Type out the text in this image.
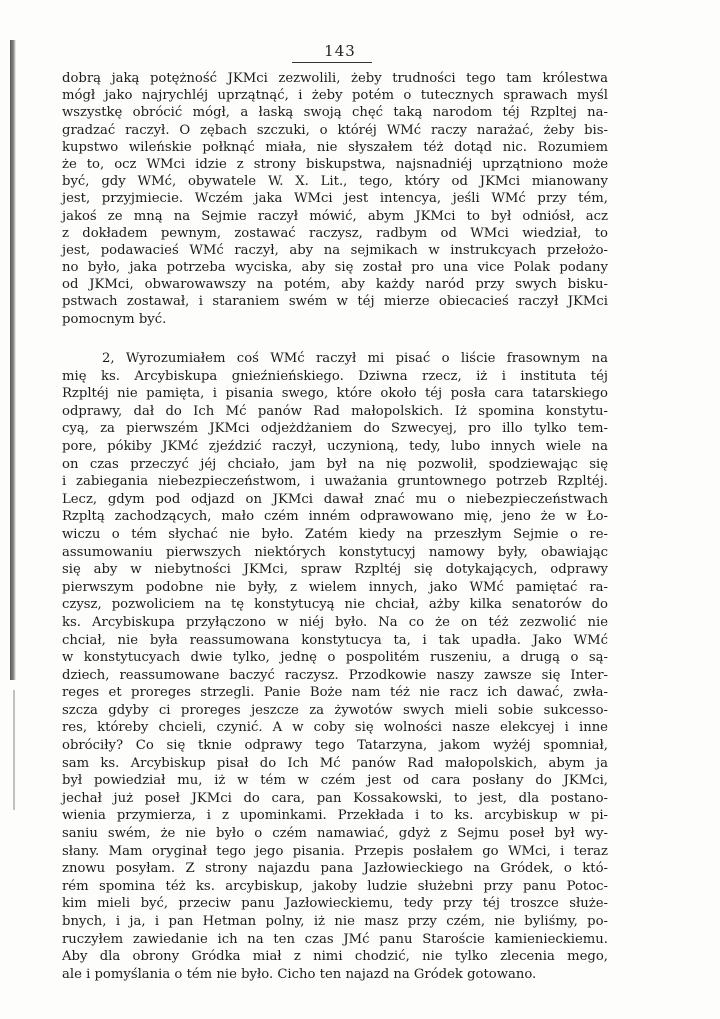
143
dobrą jaką potężność JKMci zezwolili, żeby trudności tego tam królestwa
mógł jako najrychléj uprzątnąć, i żeby potém o tutecznych sprawach myśl
wszystkę obrócić mógł, a łaską swoją chęć taką narodom téj Rzpltej na-
gradzać raczył. O zębach szczuki, o któréj WMć raczy narażać, żeby bis-
kupstwo wileńskie połknąć miała, nie słyszałem téż dotąd nic. Rozumiem
że to, ocz WMci idzie z strony biskupstwa, najsnadniéj uprzątniono może
być, gdy WMć, obywatele W. X. Lit., tego, który od JKMci mianowany
jest, przyjmiecie. Wczém jaka WMci jest intencya, jeśli WMć przy tém,
jakoś ze mną na Sejmie raczył mówić, abym JKMci to był odniósł, acz
z dokładem pewnym, zostawać raczysz, radbym od WMci wiedział, to
jest, podawacieś WMć raczył, aby na sejmikach w instrukcyach przełożo-
no było, jaka potrzeba wyciska, aby się został pro una vice Polak podany
od JKMci, obwarowawszy na potém, aby każdy naród przy swych bisku-
pstwach zostawał, i staraniem swém w téj mierze obiecacieś raczył JKMci
pomocnym być.
2, Wyrozumiałem coś WMć raczył mi pisać o liście frasownym na
mię ks. Arcybiskupa gnieźnieńskiego. Dziwna rzecz, iż i instituta téj
Rzpltéj nie pamięta, i pisania swego, które około téj posła cara tatarskiego
odprawy, dał do Ich Mć panów Rad małopolskich. Iż spomina konstytu-
cyą, za pierwszém JKMci odjeżdżaniem do Szwecyej, pro illo tylko tem-
pore, pókiby JKMć zjeździć raczył, uczynioną, tedy, lubo innych wiele na
on czas przeczyć jéj chciało, jam był na nię pozwolił, spodziewając się
i zabiegania niebezpieczeństwom, i uważania gruntownego potrzeb Rzpltéj.
Lecz, gdym pod odjazd on JKMci dawał znać mu o niebezpieczeństwach
Rzpltą zachodzących, mało czém inném odprawowano mię, jeno że w Ło-
wiczu o tém słychać nie było. Zatém kiedy na przeszłym Sejmie o re-
assumowaniu pierwszych niektórych konstytucyj namowy były, obawiając
się aby w niebytności JKMci, spraw Rzpltéj się dotykających, odprawy
pierwszym podobne nie były, z wielem innych, jako WMć pamiętać ra-
czysz, pozwoliciem na tę konstytucyą nie chciał, ażby kilka senatorów do
ks. Arcybiskupa przyłączono w niéj było. Na co że on téż zezwolić nie
chciał, nie była reassumowana konstytucya ta, i tak upadła. Jako WMć
w konstytucyach dwie tylko, jednę o pospolitém ruszeniu, a drugą o są-
dziech, reassumowane baczyć raczysz. Przodkowie naszy zawsze się Inter-
reges et proreges strzegli. Panie Boże nam téż nie racz ich dawać, zwła-
szcza gdyby ci proreges jeszcze za żywotów swych mieli sobie sukcesso-
res, któreby chcieli, czynić. A w coby się wolności nasze elekcyej i inne
obróciły? Co się tknie odprawy tego Tatarzyna, jakom wyżéj spomniał,
sam ks. Arcybiskup pisał do Ich Mć panów Rad małopolskich, abym ja
był powiedział mu, iż w tém w czém jest od cara posłany do JKMci,
jechał już poseł JKMci do cara, pan Kossakowski, to jest, dla postano-
wienia przymierza, i z upominkami. Przekłada i to ks. arcybiskup w pi-
saniu swém, że nie było o czém namawiać, gdyż z Sejmu poseł był wy-
słany. Mam oryginał tego jego pisania. Przepis posłałem go WMci, i teraz
znowu posyłam. Z strony najazdu pana Jazłowieckiego na Gródek, o któ-
rém spomina téż ks. arcybiskup, jakoby ludzie służebni przy panu Potoc-
kim mieli być, przeciw panu Jazłowieckiemu, tedy przy téj troszce służe-
bnych, i ja, i pan Hetman polny, iż nie masz przy czém, nie byliśmy, po-
ruczyłem zawiedanie ich na ten czas JMć panu Staroście kamienieckiemu.
Aby dla obrony Gródka miał z nimi chodzić, nie tylko zlecenia mego,
ale i pomyślania o tém nie było. Cicho ten najazd na Gródek gotowano.
